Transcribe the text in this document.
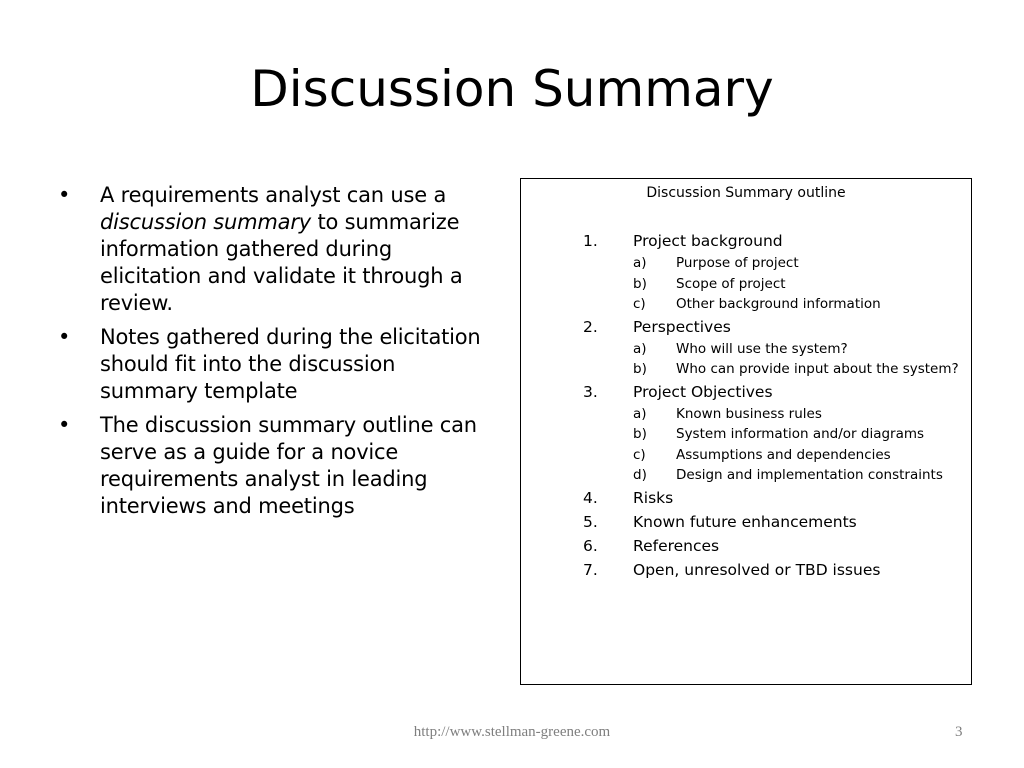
Discussion Summary
• A requirements analyst can use a discussion summary to summarize information gathered during elicitation and validate it through a review.
• Notes gathered during the elicitation should fit into the discussion summary template
• The discussion summary outline can serve as a guide for a novice requirements analyst in leading interviews and meetings
Discussion Summary outline
1. Project background
a) Purpose of project
b) Scope of project
c) Other background information
2. Perspectives
a) Who will use the system?
b) Who can provide input about the system?
3. Project Objectives
a) Known business rules
b) System information and/or diagrams
c) Assumptions and dependencies
d) Design and implementation constraints
4. Risks
5. Known future enhancements
6. References
7. Open, unresolved or TBD issues
http://www.stellman-greene.com	3
